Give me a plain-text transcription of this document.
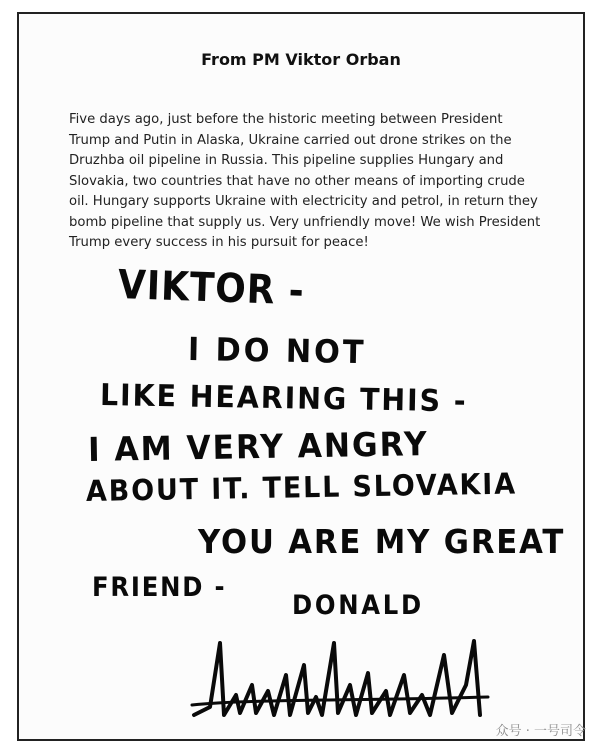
From PM Viktor Orban
Five days ago, just before the historic meeting between President
Trump and Putin in Alaska, Ukraine carried out drone strikes on the
Druzhba oil pipeline in Russia. This pipeline supplies Hungary and
Slovakia, two countries that have no other means of importing crude
oil. Hungary supports Ukraine with electricity and petrol, in return they
bomb pipeline that supply us. Very unfriendly move! We wish President
Trump every success in his pursuit for peace!
VIKTOR -
I DO NOT
LIKE HEARING THIS -
I AM VERY ANGRY
ABOUT IT. TELL SLOVAKIA
YOU ARE MY GREAT
FRIEND -
DONALD
众号 · 一号司令
